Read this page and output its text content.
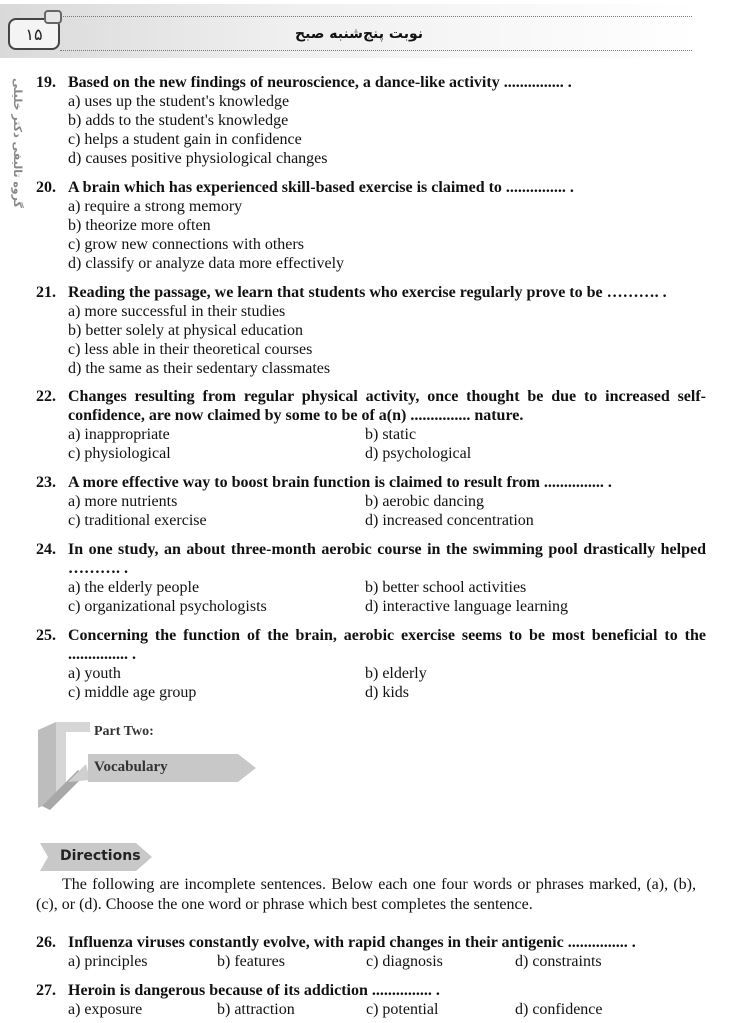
۱۵	نوبت پنج‌شنبه صبح
گروه تالیفی دکتر خلیلی 19. Based on the new findings of neuroscience, a dance-like activity ............... .
a) uses up the student's knowledge
b) adds to the student's knowledge
c) helps a student gain in confidence
d) causes positive physiological changes
20. A brain which has experienced skill-based exercise is claimed to ............... .
a) require a strong memory
b) theorize more often
c) grow new connections with others
d) classify or analyze data more effectively
21. Reading the passage, we learn that students who exercise regularly prove to be ………. .
a) more successful in their studies
b) better solely at physical education
c) less able in their theoretical courses
d) the same as their sedentary classmates
22. Changes resulting from regular physical activity, once thought be due to increased self-confidence, are now claimed by some to be of a(n) ............... nature.
a) inappropriate	b) static
c) physiological	d) psychological
23. A more effective way to boost brain function is claimed to result from ............... .
a) more nutrients	b) aerobic dancing
c) traditional exercise	d) increased concentration
24. In one study, an about three-month aerobic course in the swimming pool drastically helped ………. .
a) the elderly people	b) better school activities
c) organizational psychologists	d) interactive language learning
25. Concerning the function of the brain, aerobic exercise seems to be most beneficial to the ............... .
a) youth	b) elderly
c) middle age group	d) kids
Part Two:
Vocabulary
Directions
The following are incomplete sentences. Below each one four words or phrases marked, (a), (b), (c), or (d). Choose the one word or phrase which best completes the sentence.
26. Influenza viruses constantly evolve, with rapid changes in their antigenic ............... .
a) principles	b) features	c) diagnosis	d) constraints
27. Heroin is dangerous because of its addiction ............... .
a) exposure	b) attraction	c) potential	d) confidence
